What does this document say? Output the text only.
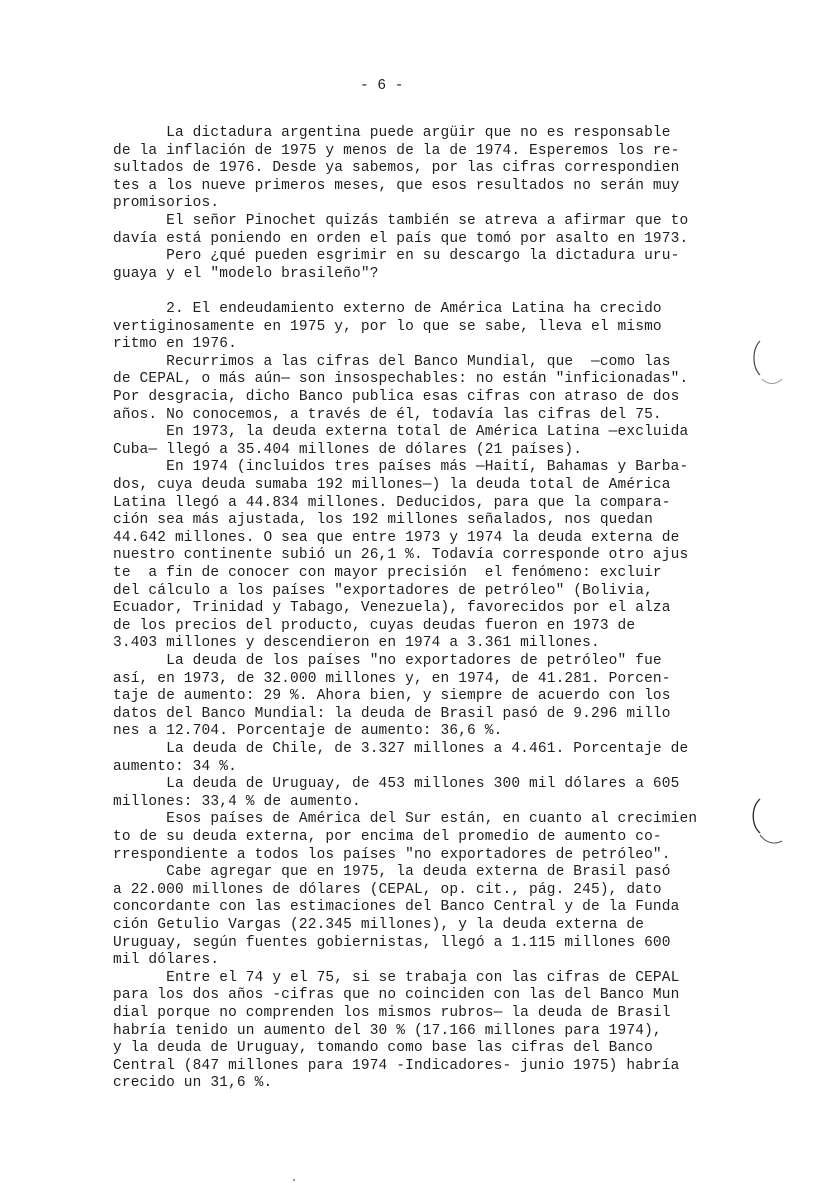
- 6 -
La dictadura argentina puede argüir que no es responsable
de la inflación de 1975 y menos de la de 1974. Esperemos los re-
sultados de 1976. Desde ya sabemos, por las cifras correspondien
tes a los nueve primeros meses, que esos resultados no serán muy
promisorios.
El señor Pinochet quizás también se atreva a afirmar que to
davía está poniendo en orden el país que tomó por asalto en 1973.
Pero ¿qué pueden esgrimir en su descargo la dictadura uru-
guaya y el "modelo brasileño"?
2. El endeudamiento externo de América Latina ha crecido
vertiginosamente en 1975 y, por lo que se sabe, lleva el mismo
ritmo en 1976.
Recurrimos a las cifras del Banco Mundial, que  —como las
de CEPAL, o más aún— son insospechables: no están "inficionadas".
Por desgracia, dicho Banco publica esas cifras con atraso de dos
años. No conocemos, a través de él, todavía las cifras del 75.
En 1973, la deuda externa total de América Latina —excluida
Cuba— llegó a 35.404 millones de dólares (21 países).
En 1974 (incluidos tres países más —Haití, Bahamas y Barba-
dos, cuya deuda sumaba 192 millones—) la deuda total de América
Latina llegó a 44.834 millones. Deducidos, para que la compara-
ción sea más ajustada, los 192 millones señalados, nos quedan
44.642 millones. O sea que entre 1973 y 1974 la deuda externa de
nuestro continente subió un 26,1 %. Todavía corresponde otro ajus
te  a fin de conocer con mayor precisión  el fenómeno: excluir
del cálculo a los países "exportadores de petróleo" (Bolivia,
Ecuador, Trinidad y Tabago, Venezuela), favorecidos por el alza
de los precios del producto, cuyas deudas fueron en 1973 de
3.403 millones y descendieron en 1974 a 3.361 millones.
La deuda de los países "no exportadores de petróleo" fue
así, en 1973, de 32.000 millones y, en 1974, de 41.281. Porcen-
taje de aumento: 29 %. Ahora bien, y siempre de acuerdo con los
datos del Banco Mundial: la deuda de Brasil pasó de 9.296 millo
nes a 12.704. Porcentaje de aumento: 36,6 %.
La deuda de Chile, de 3.327 millones a 4.461. Porcentaje de
aumento: 34 %.
La deuda de Uruguay, de 453 millones 300 mil dólares a 605
millones: 33,4 % de aumento.
Esos países de América del Sur están, en cuanto al crecimien
to de su deuda externa, por encima del promedio de aumento co-
rrespondiente a todos los países "no exportadores de petróleo".
Cabe agregar que en 1975, la deuda externa de Brasil pasó
a 22.000 millones de dólares (CEPAL, op. cit., pág. 245), dato
concordante con las estimaciones del Banco Central y de la Funda
ción Getulio Vargas (22.345 millones), y la deuda externa de
Uruguay, según fuentes gobiernistas, llegó a 1.115 millones 600
mil dólares.
Entre el 74 y el 75, si se trabaja con las cifras de CEPAL
para los dos años -cifras que no coinciden con las del Banco Mun
dial porque no comprenden los mismos rubros— la deuda de Brasil
habría tenido un aumento del 30 % (17.166 millones para 1974),
y la deuda de Uruguay, tomando como base las cifras del Banco
Central (847 millones para 1974 -Indicadores- junio 1975) habría
crecido un 31,6 %.
